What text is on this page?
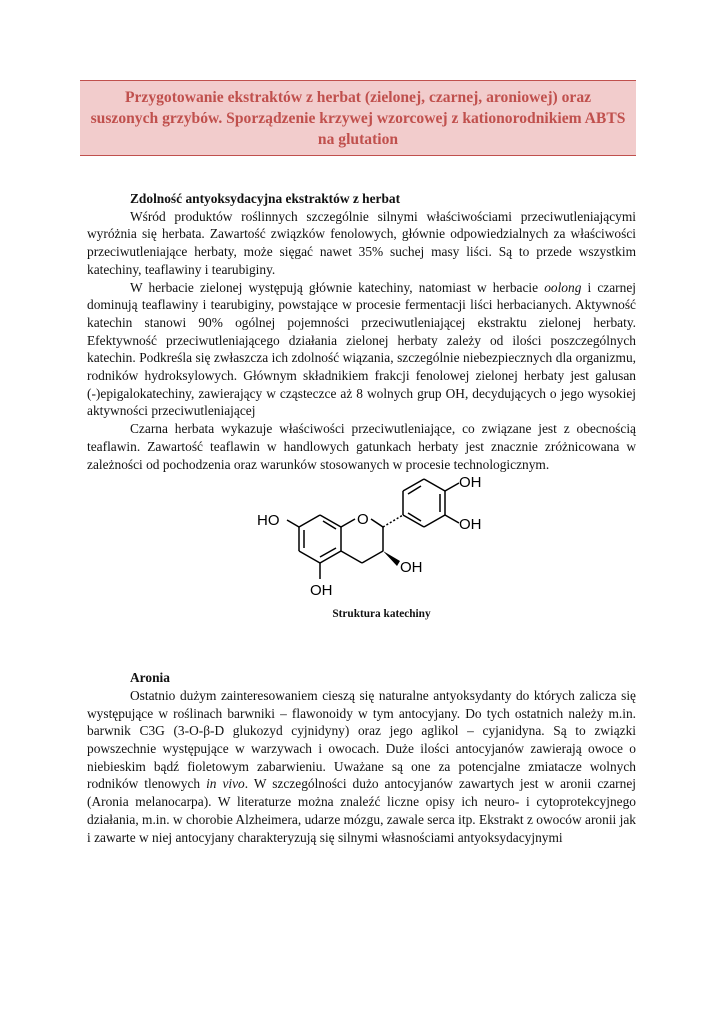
Przygotowanie ekstraktów z herbat (zielonej, czarnej, aroniowej) oraz suszonych grzybów. Sporządzenie krzywej wzorcowej z kationorodnikiem ABTS na glutation
Zdolność antyoksydacyjna ekstraktów z herbat

Wśród produktów roślinnych szczególnie silnymi właściwościami przeciwutleniającymi wyróżnia się herbata. Zawartość związków fenolowych, głównie odpowiedzialnych za właściwości przeciwutleniające herbaty, może sięgać nawet 35% suchej masy liści. Są to przede wszystkim katechiny, teaflawiny i tearubiginy.

W herbacie zielonej występują głównie katechiny, natomiast w herbacie oolong i czarnej dominują teaflawiny i tearubiginy, powstające w procesie fermentacji liści herbacianych. Aktywność katechin stanowi 90% ogólnej pojemności przeciwutleniającej ekstraktu zielonej herbaty. Efektywność przeciwutleniającego działania zielonej herbaty zależy od ilości poszczególnych katechin. Podkreśla się zwłaszcza ich zdolność wiązania, szczególnie niebezpiecznych dla organizmu, rodników hydroksylowych. Głównym składnikiem frakcji fenolowej zielonej herbaty jest galusan (-)epigalokatechiny, zawierający w cząsteczce aż 8 wolnych grup OH, decydujących o jego wysokiej aktywności przeciwutleniającej

Czarna herbata wykazuje właściwości przeciwutleniające, co związane jest z obecnością teaflawin. Zawartość teaflawin w handlowych gatunkach herbaty jest znacznie zróżnicowana w zależności od pochodzenia oraz warunków stosowanych w procesie technologicznym.

HO	O
OH
OH
OH
OH
Struktura katechiny
Aronia

Ostatnio dużym zainteresowaniem cieszą się naturalne antyoksydanty do których zalicza się występujące w roślinach barwniki – flawonoidy w tym antocyjany. Do tych ostatnich należy m.in. barwnik C3G (3-O-β-D glukozyd cyjnidyny) oraz jego aglikol – cyjanidyna. Są to związki powszechnie występujące w warzywach i owocach. Duże ilości antocyjanów zawierają owoce o niebieskim bądź fioletowym zabarwieniu. Uważane są one za potencjalne zmiatacze wolnych rodników tlenowych in vivo. W szczególności dużo antocyjanów zawartych jest w aronii czarnej (Aronia melanocarpa). W literaturze można znaleźć liczne opisy ich neuro- i cytoprotekcyjnego działania, m.in. w chorobie Alzheimera, udarze mózgu, zawale serca itp. Ekstrakt z owoców aronii jak i zawarte w niej antocyjany charakteryzują się silnymi własnościami antyoksydacyjnymi
